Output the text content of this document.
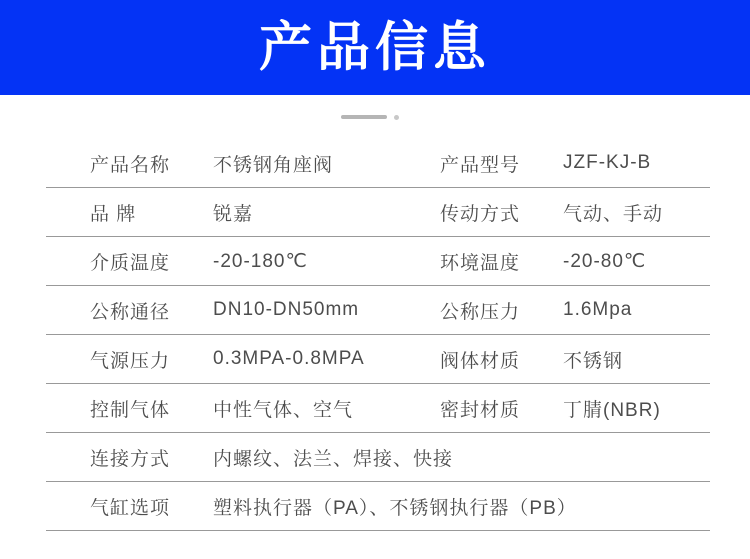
产品信息
产品名称	不锈钢角座阀	产品型号	JZF-KJ-B
品 牌	锐嘉	传动方式	气动、手动
介质温度	-20-180℃	环境温度	-20-80℃
公称通径	DN10-DN50mm	公称压力	1.6Mpa
气源压力	0.3MPA-0.8MPA	阀体材质	不锈钢
控制气体	中性气体、空气	密封材质	丁腈(NBR)
连接方式	内螺纹、法兰、焊接、快接
气缸选项	塑料执行器（PA）、不锈钢执行器（PB）
